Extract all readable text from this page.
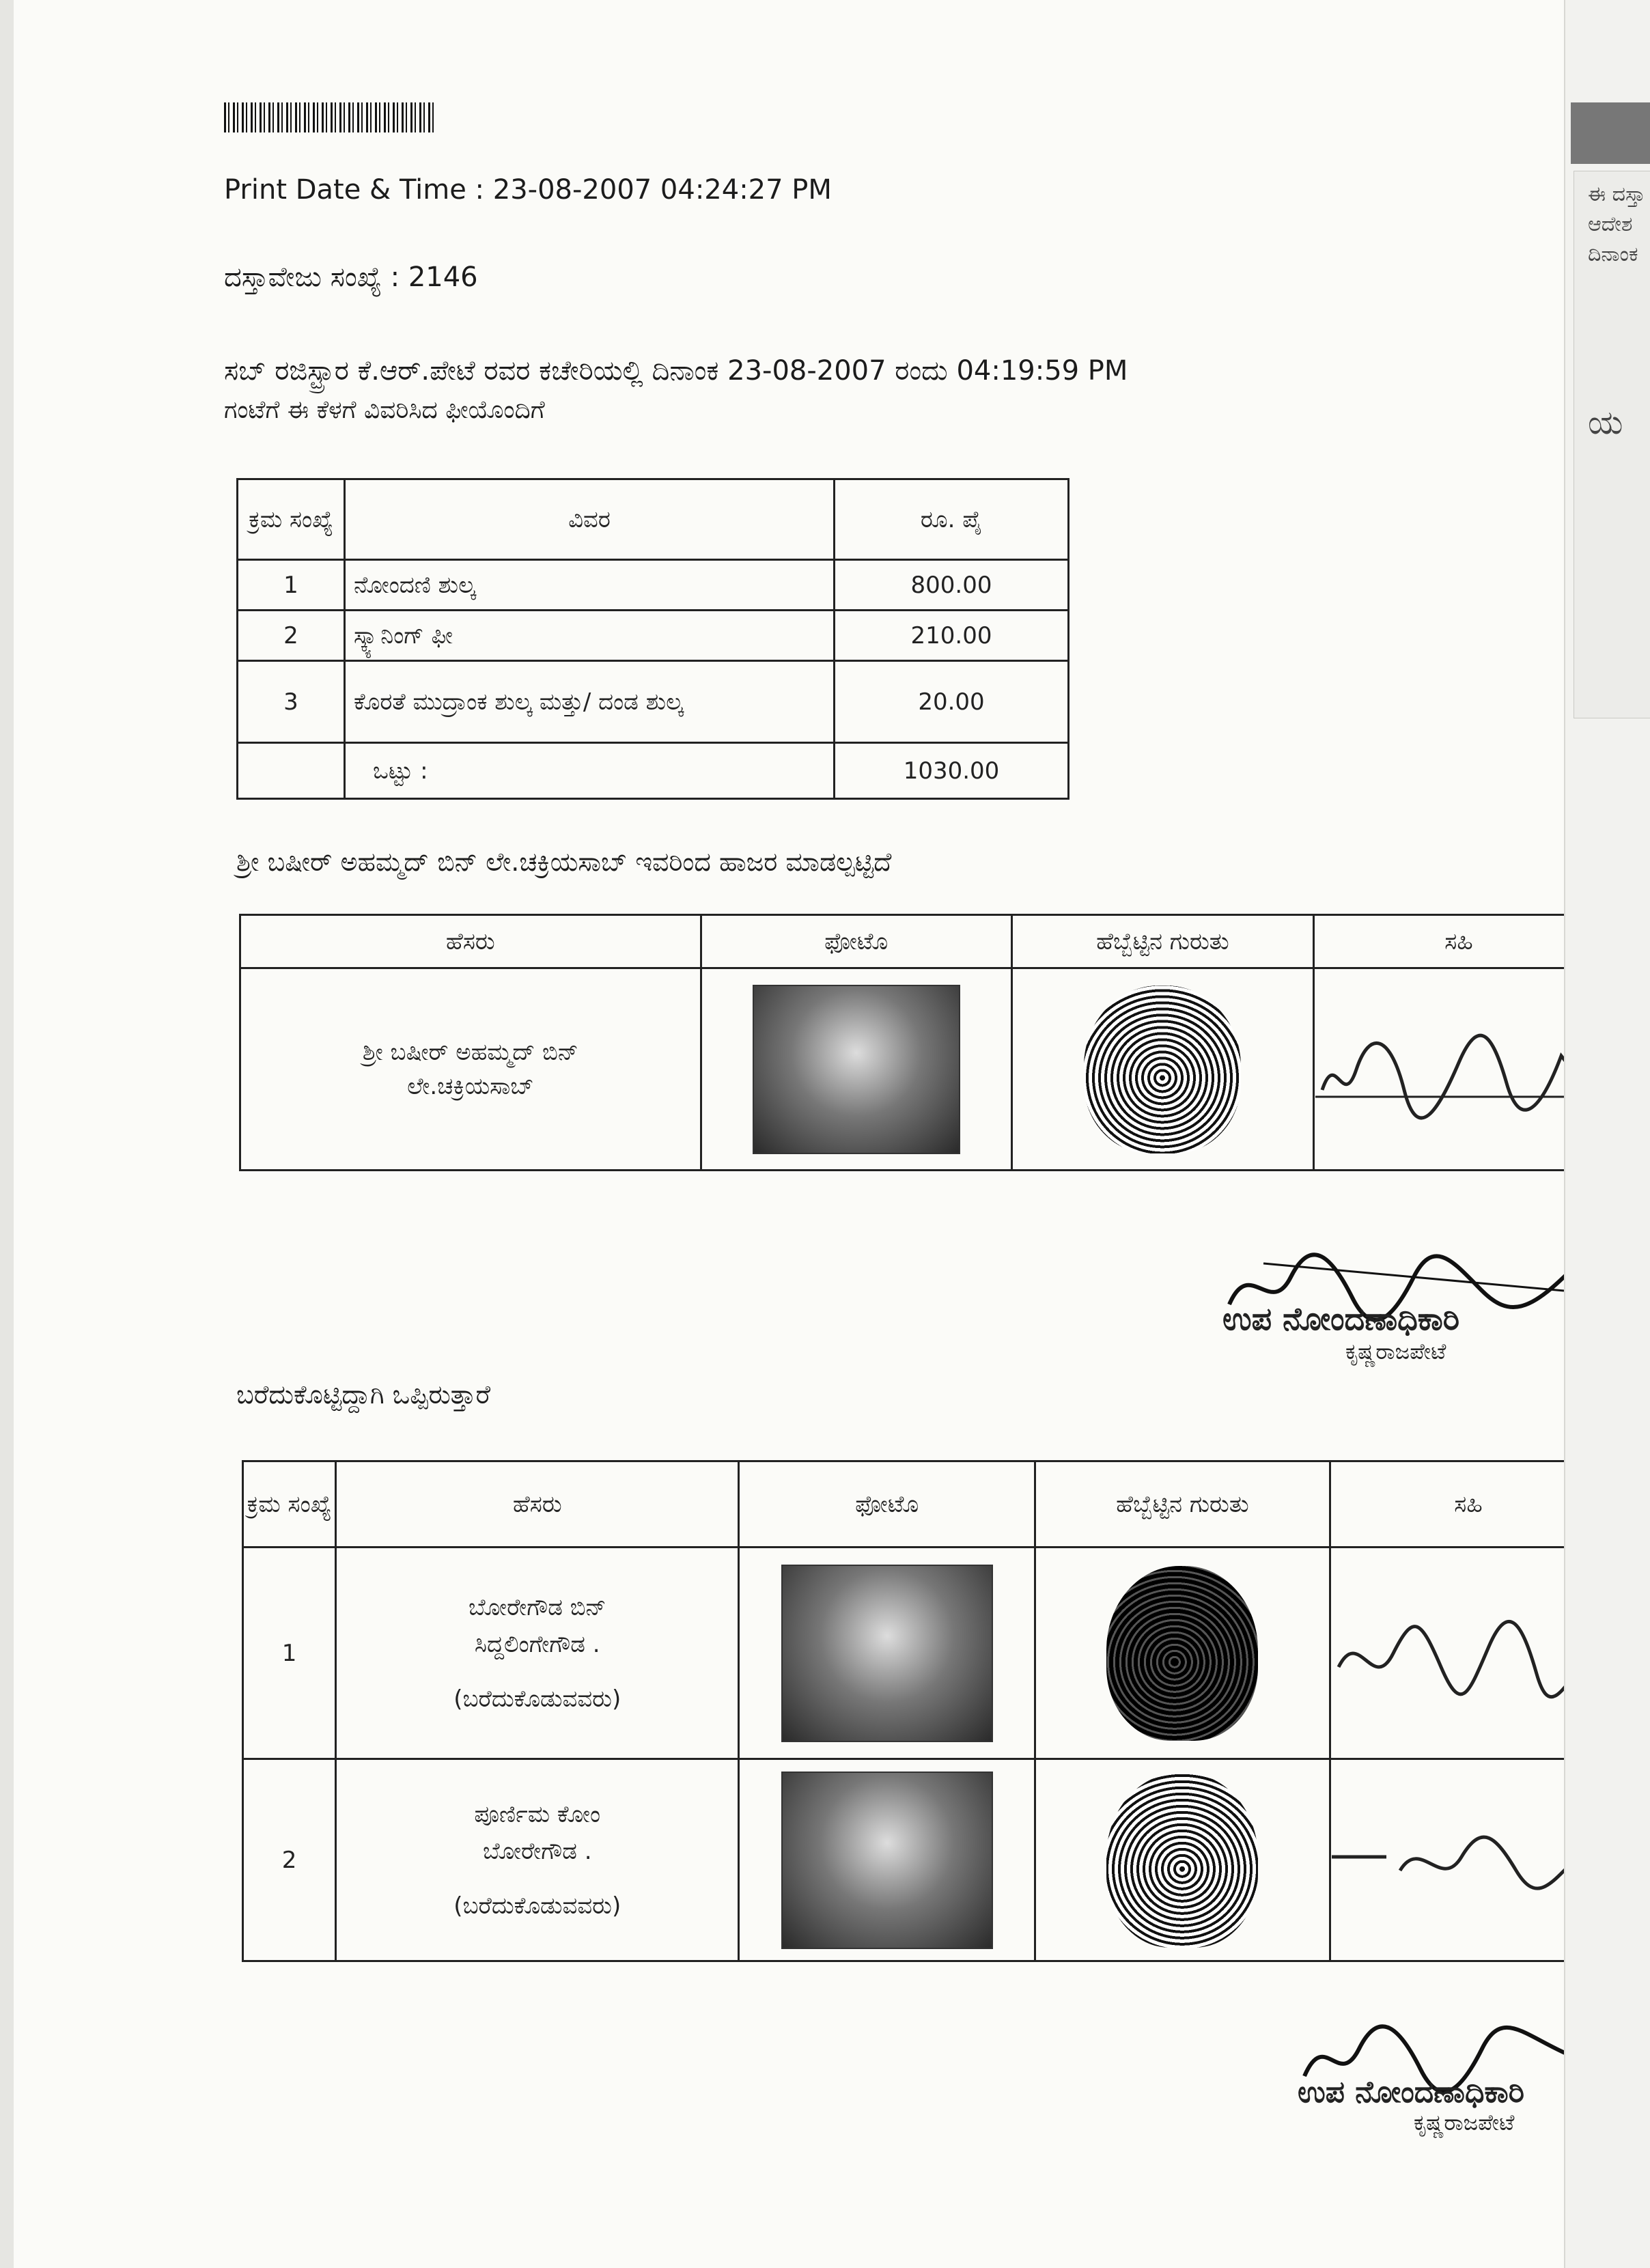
Print Date & Time : 23-08-2007 04:24:27 PM
ದಸ್ತಾವೇಜು ಸಂಖ್ಯೆ : 2146
ಸಬ್ ರಜಿಸ್ಟ್ರಾರ ಕೆ.ಆರ್.ಪೇಟೆ ರವರ ಕಚೇರಿಯಲ್ಲಿ ದಿನಾಂಕ 23-08-2007 ರಂದು 04:19:59 PM
ಗಂಟೆಗೆ ಈ ಕೆಳಗೆ ವಿವರಿಸಿದ ಫೀಯೊಂದಿಗೆ
ಕ್ರಮ ಸಂಖ್ಯೆ	ವಿವರ	ರೂ. ಪೈ
1	ನೋಂದಣಿ ಶುಲ್ಕ	800.00
2	ಸ್ಕ್ಯಾನಿಂಗ್ ಫೀ	210.00
3	ಕೊರತೆ ಮುದ್ರಾಂಕ ಶುಲ್ಕ ಮತ್ತು/ ದಂಡ ಶುಲ್ಕ	20.00
	ಒಟ್ಟು :	1030.00
ಶ್ರೀ ಬಷೀರ್ ಅಹಮ್ಮದ್ ಬಿನ್ ಲೇ.ಚಕ್ರಿಯಸಾಬ್ ಇವರಿಂದ ಹಾಜರ ಮಾಡಲ್ಪಟ್ಟಿದೆ
ಹೆಸರು	ಫೋಟೊ	ಹೆಬ್ಬೆಟ್ಟಿನ ಗುರುತು	ಸಹಿ

ಶ್ರೀ ಬಷೀರ್ ಅಹಮ್ಮದ್ ಬಿನ್
ಲೇ.ಚಕ್ರಿಯಸಾಬ್

ಉಪ ನೋಂದಣಾಧಿಕಾರಿ
ಕೃಷ್ಣರಾಜಪೇಟೆ
ಬರೆದುಕೊಟ್ಟಿದ್ದಾಗಿ ಒಪ್ಪಿರುತ್ತಾರೆ
ಕ್ರಮ ಸಂಖ್ಯೆ	ಹೆಸರು	ಫೋಟೊ	ಹೆಬ್ಬೆಟ್ಟಿನ ಗುರುತು	ಸಹಿ
1	ಬೋರೇಗೌಡ ಬಿನ್
ಸಿದ್ದಲಿಂಗೇಗೌಡ .
(ಬರೆದುಕೊಡುವವರು)

2	ಪೂರ್ಣಿಮ ಕೋಂ
ಬೋರೇಗೌಡ .
(ಬರೆದುಕೊಡುವವರು)

ಉಪ ನೋಂದಣಾಧಿಕಾರಿ
ಕೃಷ್ಣರಾಜಪೇಟೆ
ಈ ದಸ್ತಾ
ಆದೇಶ
ದಿನಾಂಕ
ಯ
